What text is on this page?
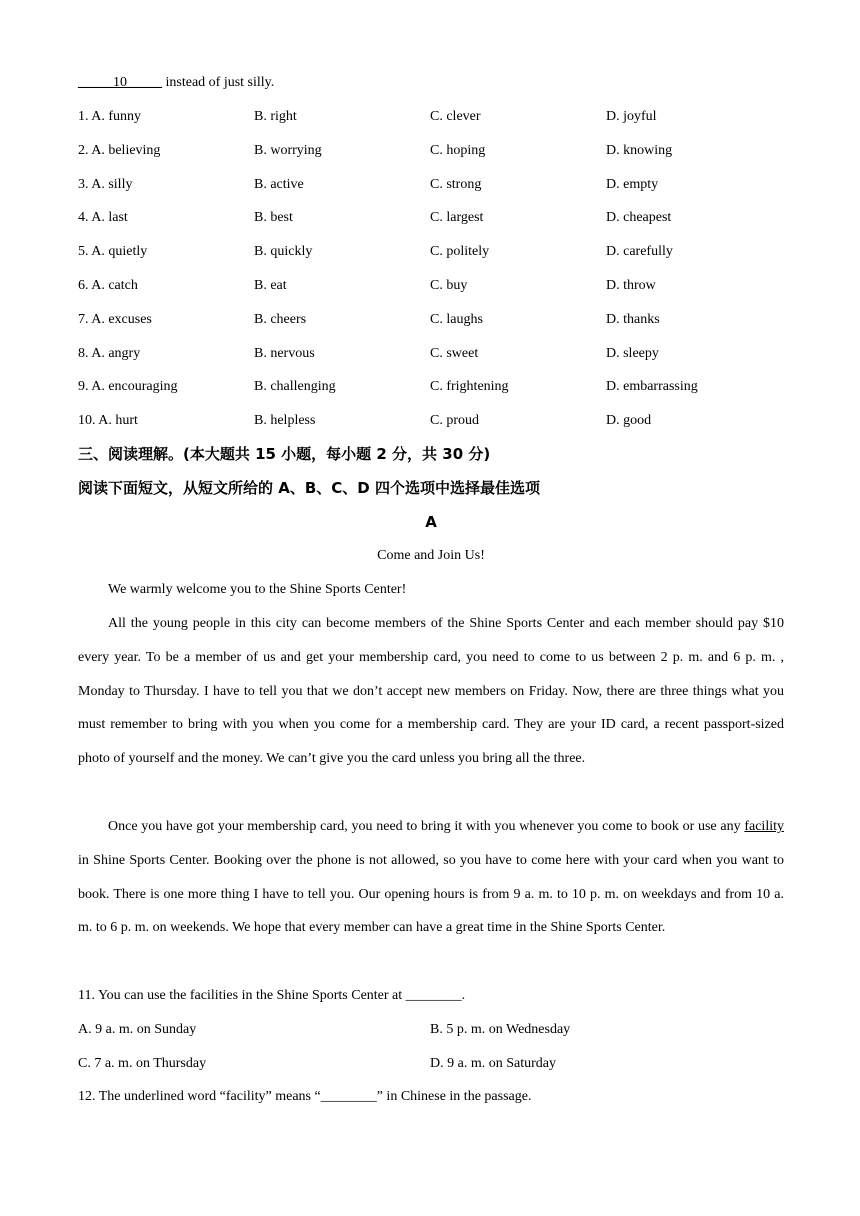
_____10_____ instead of just silly.
1. A. funny	B. right	C. clever	D. joyful
2. A. believing	B. worrying	C. hoping	D. knowing
3. A. silly	B. active	C. strong	D. empty
4. A. last	B. best	C. largest	D. cheapest
5. A. quietly	B. quickly	C. politely	D. carefully
6. A. catch	B. eat	C. buy	D. throw
7. A. excuses	B. cheers	C. laughs	D. thanks
8. A. angry	B. nervous	C. sweet	D. sleepy
9. A. encouraging	B. challenging	C. frightening	D. embarrassing
10. A. hurt	B. helpless	C. proud	D. good
三、阅读理解。(本大题共 15 小题，每小题 2 分，共 30 分)
阅读下面短文，从短文所给的 A、B、C、D 四个选项中选择最佳选项
A
Come and Join Us!
We warmly welcome you to the Shine Sports Center!
All the young people in this city can become members of the Shine Sports Center and each member should pay $10 every year. To be a member of us and get your membership card, you need to come to us between 2 p. m. and 6 p. m. , Monday to Thursday. I have to tell you that we don’t accept new members on Friday. Now, there are three things what you must remember to bring with you when you come for a membership card. They are your ID card, a recent passport-sized photo of yourself and the money. We can’t give you the card unless you bring all the three.
Once you have got your membership card, you need to bring it with you whenever you come to book or use any facility in Shine Sports Center. Booking over the phone is not allowed, so you have to come here with your card when you want to book. There is one more thing I have to tell you. Our opening hours is from 9 a. m. to 10 p. m. on weekdays and from 10 a. m. to 6 p. m. on weekends. We hope that every member can have a great time in the Shine Sports Center.
11. You can use the facilities in the Shine Sports Center at ________.
A. 9 a. m. on Sunday	B. 5 p. m. on Wednesday
C. 7 a. m. on Thursday	D. 9 a. m. on Saturday
12. The underlined word “facility” means “________” in Chinese in the passage.
